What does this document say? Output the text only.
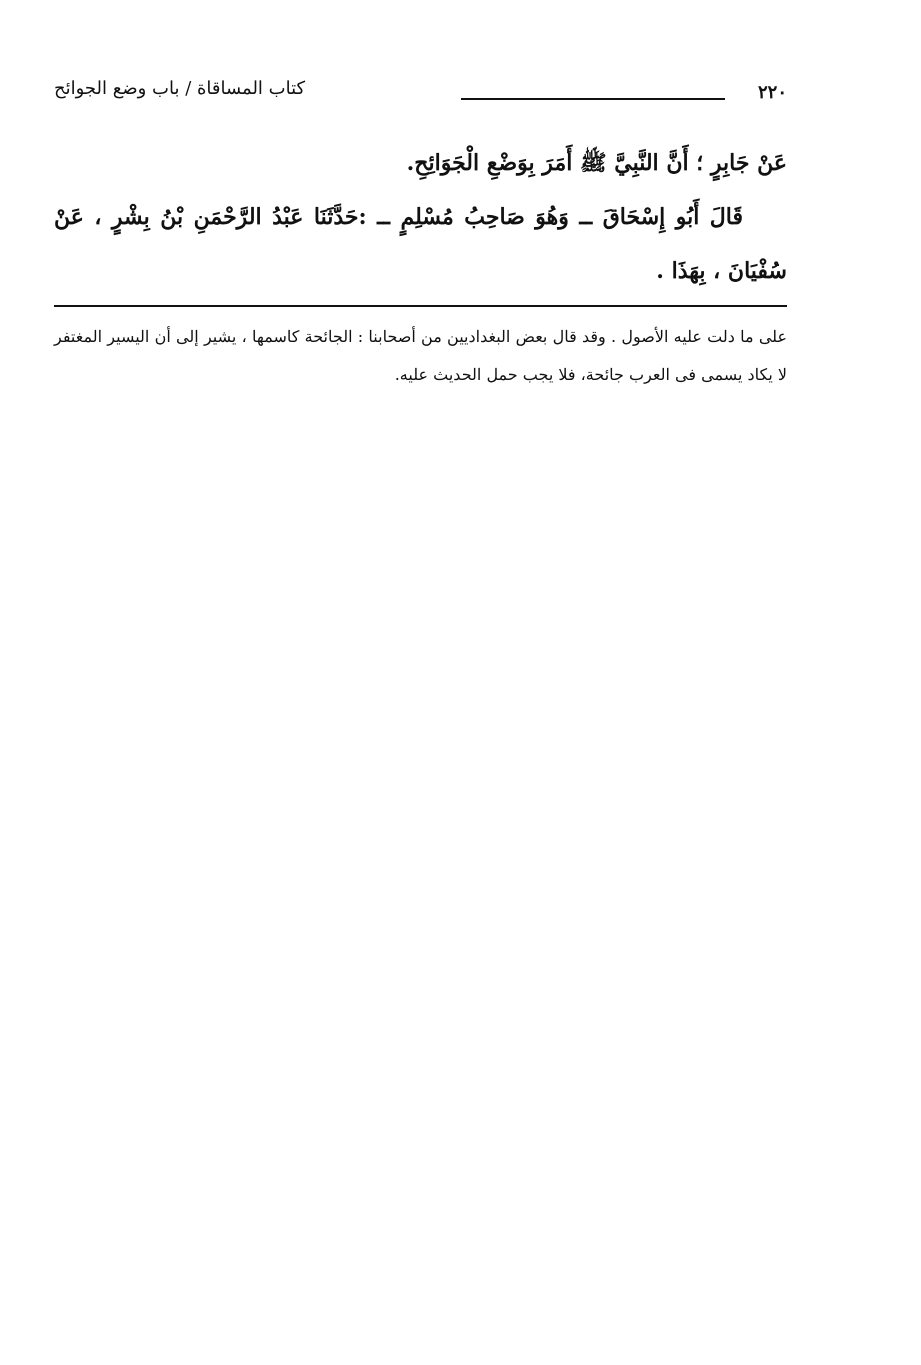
٢٢٠
كتاب المساقاة / باب وضع الجوائح

عَنْ جَابِرٍ ؛ أَنَّ النَّبِيَّ ﷺ أَمَرَ بِوَضْعِ الْجَوَائِحِ.

قَالَ أَبُو إِسْحَاقَ ــ وَهُوَ صَاحِبُ مُسْلِمٍ ــ :حَدَّثَنَا عَبْدُ الرَّحْمَنِ بْنُ بِشْرٍ ، عَنْ سُفْيَانَ ، بِهَذَا .

على ما دلت عليه الأصول . وقد قال بعض البغداديين من أصحابنا : الجائحة كاسمها ، يشير إلى أن اليسير المغتفر لا يكاد يسمى فى العرب جائحة، فلا يجب حمل الحديث عليه.
